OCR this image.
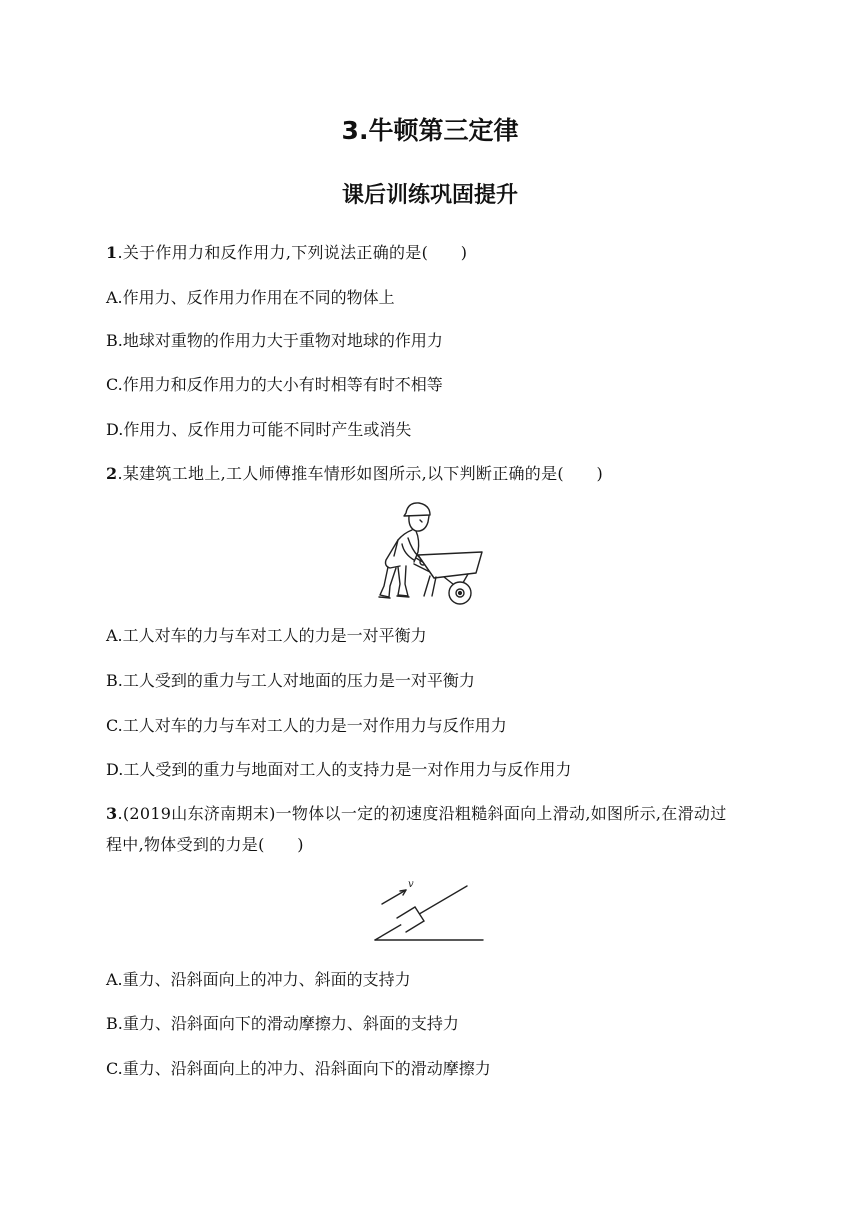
3.牛顿第三定律
课后训练巩固提升
1.关于作用力和反作用力,下列说法正确的是(　　)
A.作用力、反作用力作用在不同的物体上
B.地球对重物的作用力大于重物对地球的作用力
C.作用力和反作用力的大小有时相等有时不相等
D.作用力、反作用力可能不同时产生或消失
2.某建筑工地上,工人师傅推车情形如图所示,以下判断正确的是(　　)
A.工人对车的力与车对工人的力是一对平衡力
B.工人受到的重力与工人对地面的压力是一对平衡力
C.工人对车的力与车对工人的力是一对作用力与反作用力
D.工人受到的重力与地面对工人的支持力是一对作用力与反作用力
3.(2019山东济南期末)一物体以一定的初速度沿粗糙斜面向上滑动,如图所示,在滑动过
程中,物体受到的力是(　　)
v
A.重力、沿斜面向上的冲力、斜面的支持力
B.重力、沿斜面向下的滑动摩擦力、斜面的支持力
C.重力、沿斜面向上的冲力、沿斜面向下的滑动摩擦力
